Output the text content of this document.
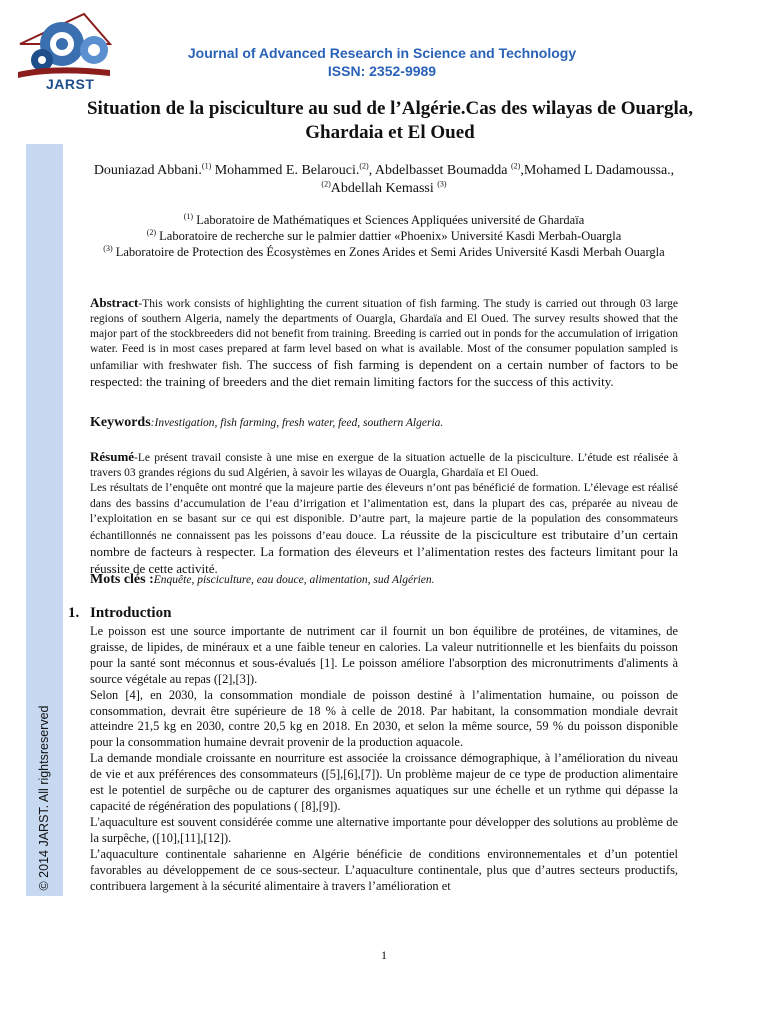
JARST
Journal of Advanced Research in Science and Technology
ISSN: 2352-9989
© 2014 JARST. All rightsreserved
Situation de la pisciculture au sud de l’Algérie.Cas des wilayas de Ouargla, Ghardaia et El Oued
Douniazad Abbani.$^{(1)}$ Mohammed E. Belarouci.$^{(2)}$, Abdelbasset Boumadda $^{(2)}$,Mohamed L Dadamoussa., $^{(2)}$Abdellah Kemassi $^{(3)}$
$^{(1)}$ Laboratoire de Mathématiques et Sciences Appliquées université de Ghardaïa
$^{(2)}$ Laboratoire de recherche sur le palmier dattier «Phoenix» Université Kasdi Merbah-Ouargla
$^{(3)}$ Laboratoire de Protection des Écosystèmes en Zones Arides et Semi Arides Université Kasdi Merbah Ouargla
Abstract-This work consists of highlighting the current situation of fish farming. The study is carried out through 03 large regions of southern Algeria, namely the departments of Ouargla, Ghardaïa and El Oued. The survey results showed that the major part of the stockbreeders did not benefit from training. Breeding is carried out in ponds for the accumulation of irrigation water. Feed is in most cases prepared at farm level based on what is available. Most of the consumer population sampled is unfamiliar with freshwater fish. The success of fish farming is dependent on a certain number of factors to be respected: the training of breeders and the diet remain limiting factors for the success of this activity.
Keywords:Investigation, fish farming, fresh water, feed, southern Algeria.
Résumé-Le présent travail consiste à une mise en exergue de la situation actuelle de la pisciculture. L’étude est réalisée à travers 03 grandes régions du sud Algérien, à savoir les wilayas de Ouargla, Ghardaïa et El Oued.
Les résultats de l’enquête ont montré que la majeure partie des éleveurs n’ont pas bénéficié de formation. L’élevage est réalisé dans des bassins d’accumulation de l’eau d’irrigation et l’alimentation est, dans la plupart des cas, préparée au niveau de l’exploitation en se basant sur ce qui est disponible. D’autre part, la majeure partie de la population des consommateurs échantillonnés ne connaissent pas les poissons d’eau douce. La réussite de la pisciculture est tributaire d’un certain nombre de facteurs à respecter. La formation des éleveurs et l’alimentation restes des facteurs limitant pour la réussite de cette activité.
Mots clés :Enquête, pisciculture, eau douce, alimentation, sud Algérien.
1. Introduction

Le poisson est une source importante de nutriment car il fournit un bon équilibre de protéines, de vitamines, de graisse, de lipides, de minéraux et a une faible teneur en calories. La valeur nutritionnelle et les bienfaits du poisson pour la santé sont méconnus et sous-évalués [1]. Le poisson améliore l'absorption des micronutriments d'aliments à source végétale au repas ([2],[3]).

Selon [4], en 2030, la consommation mondiale de poisson destiné à l’alimentation humaine, ou poisson de consommation, devrait être supérieure de 18 % à celle de 2018. Par habitant, la consommation mondiale devrait atteindre 21,5 kg en 2030, contre 20,5 kg en 2018. En 2030, et selon la même source, 59 % du poisson disponible pour la consommation humaine devrait provenir de la production aquacole.

La demande mondiale croissante en nourriture est associée la croissance démographique, à l’amélioration du niveau de vie et aux préférences des consommateurs ([5],[6],[7]). Un problème majeur de ce type de production alimentaire est le potentiel de surpêche ou de capturer des organismes aquatiques sur une échelle et un rythme qui dépasse la capacité de régénération des populations ( [8],[9]).

L'aquaculture est souvent considérée comme une alternative importante pour développer des solutions au problème de la surpêche, ([10],[11],[12]).

L’aquaculture continentale saharienne en Algérie bénéficie de conditions environnementales et d’un potentiel favorables au développement de ce sous-secteur. L’aquaculture continentale, plus que d’autres secteurs productifs, contribuera largement à la sécurité alimentaire à travers l’amélioration et

1
